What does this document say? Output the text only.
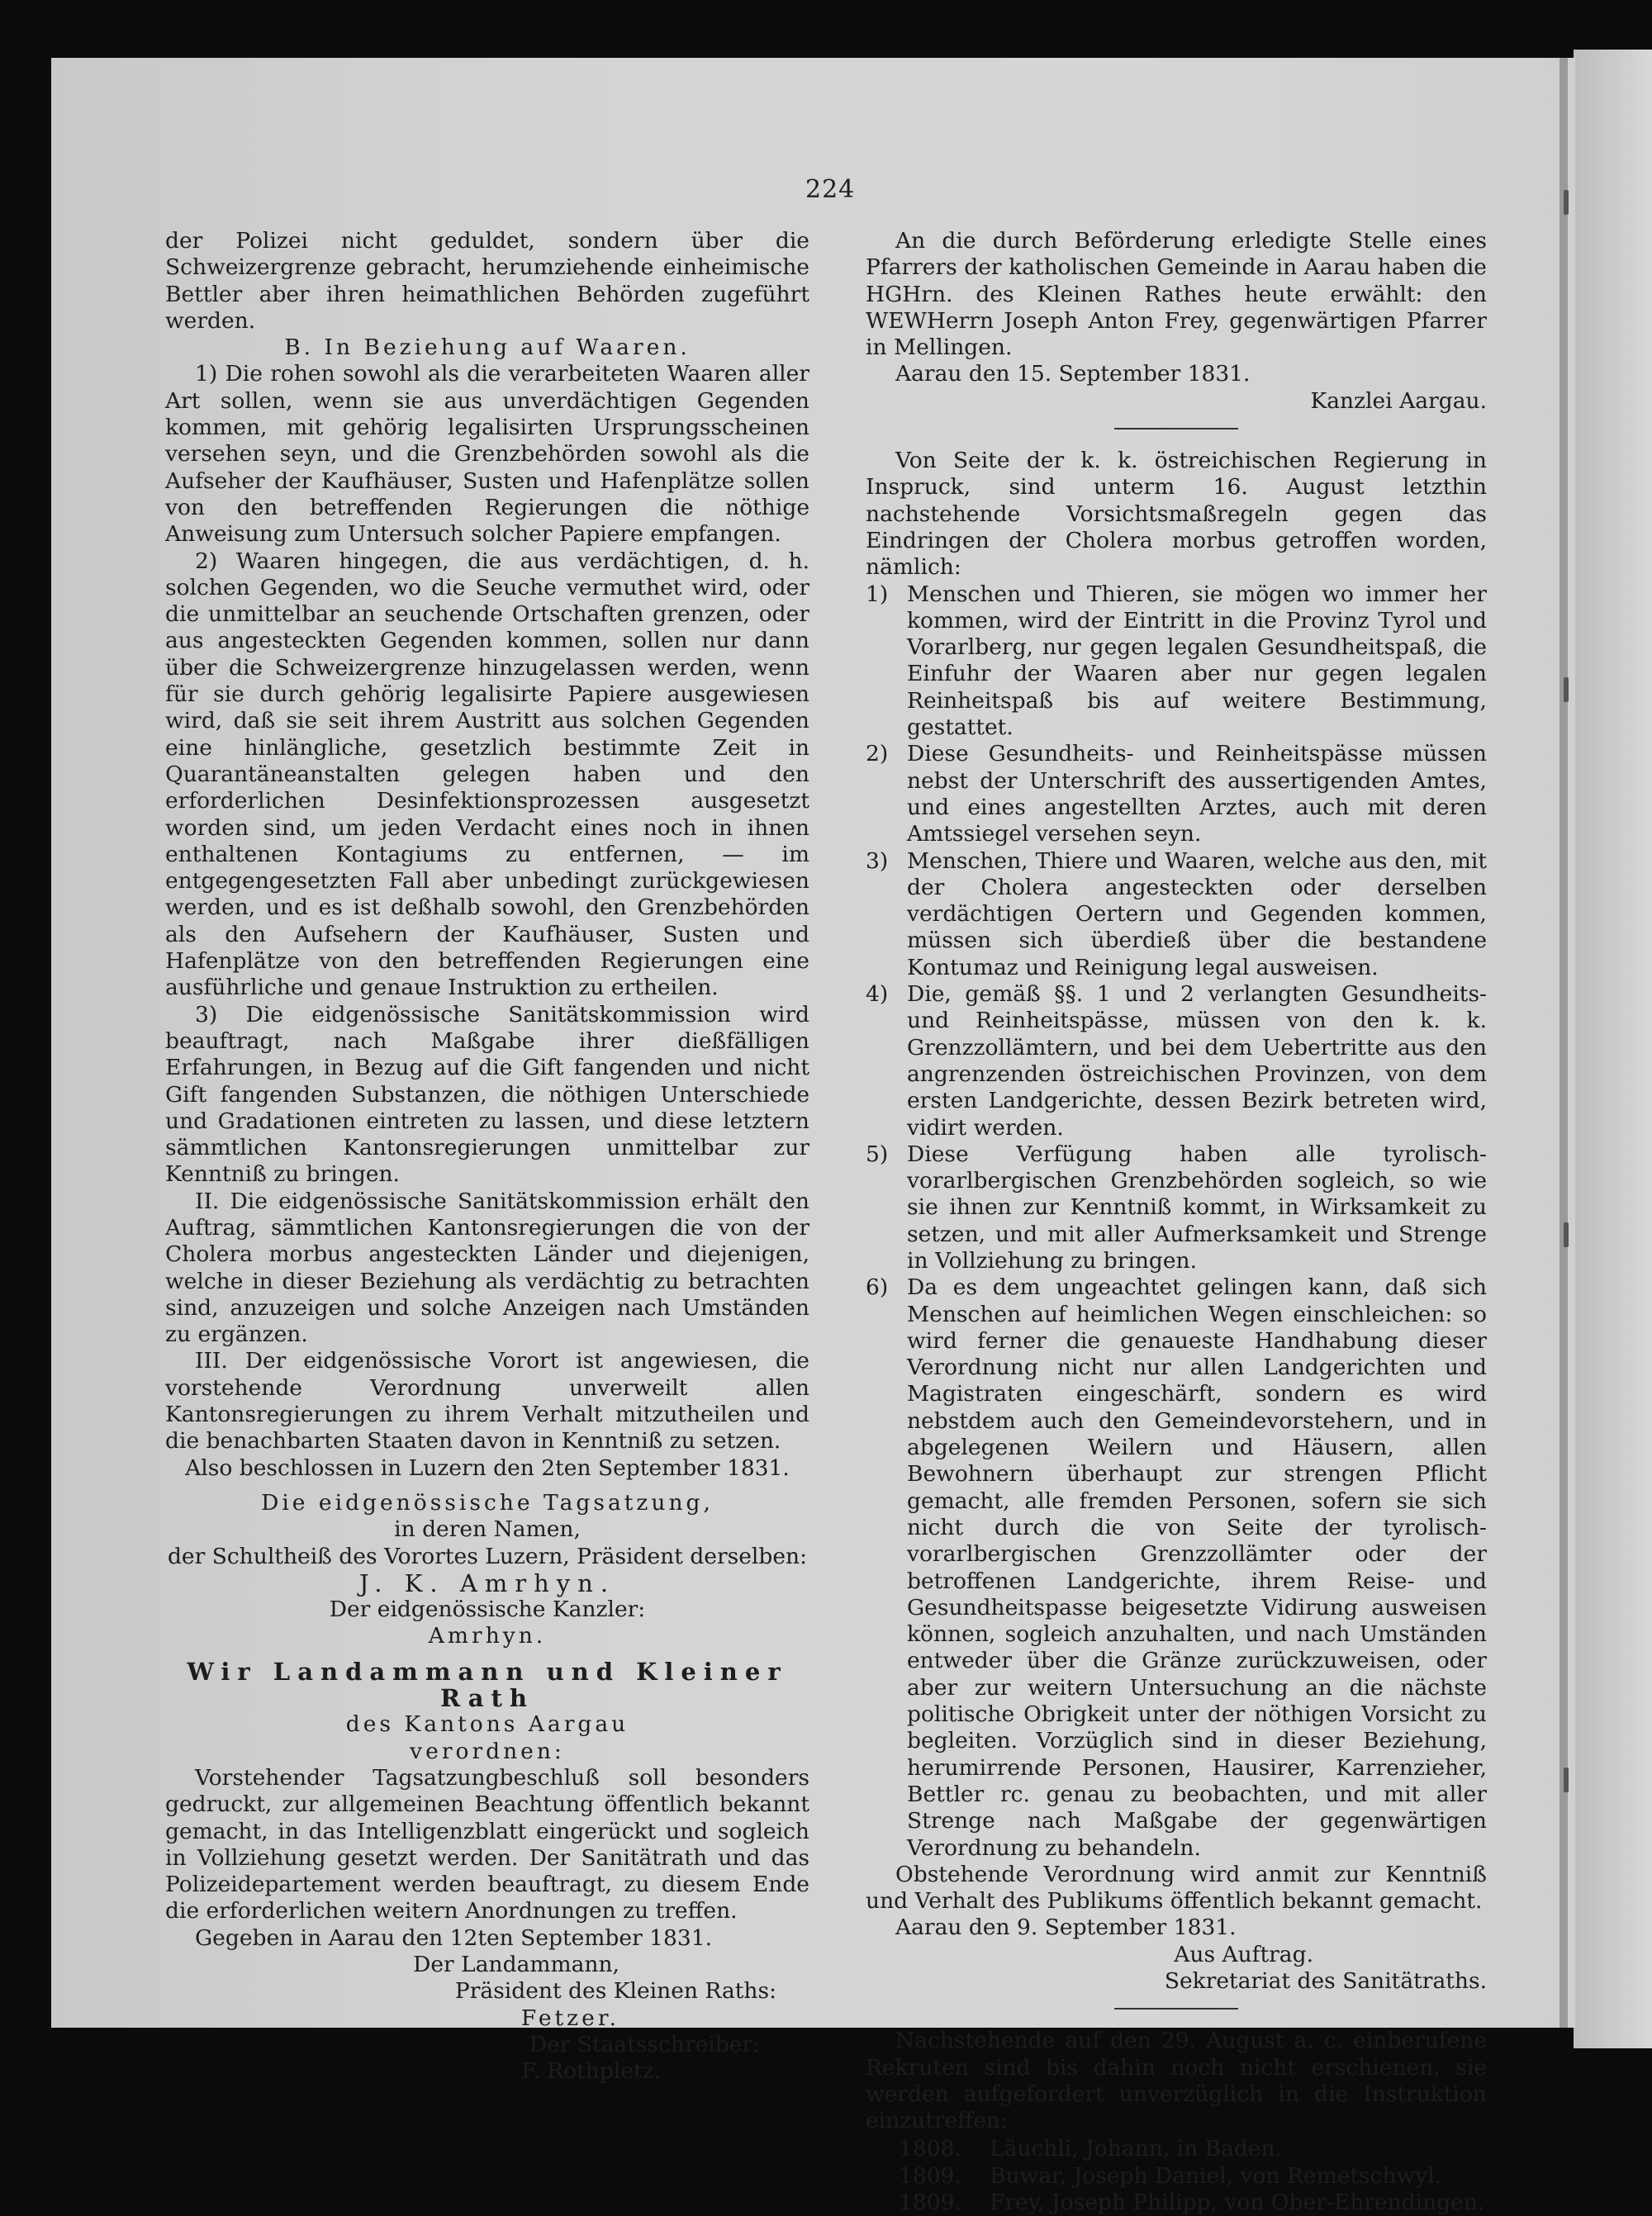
224

der Polizei nicht geduldet, sondern über die Schweizergrenze gebracht, herumziehende einheimische Bettler aber ihren heimathlichen Behörden zugeführt werden.

B. In Beziehung auf Waaren.

1) Die rohen sowohl als die verarbeiteten Waaren aller Art sollen, wenn sie aus unverdächtigen Gegenden kommen, mit gehörig legalisirten Ursprungsscheinen versehen seyn, und die Grenzbehörden sowohl als die Aufseher der Kaufhäuser, Susten und Hafenplätze sollen von den betreffenden Regierungen die nöthige Anweisung zum Untersuch solcher Papiere empfangen.

2) Waaren hingegen, die aus verdächtigen, d. h. solchen Gegenden, wo die Seuche vermuthet wird, oder die unmittelbar an seuchende Ortschaften grenzen, oder aus angesteckten Gegenden kommen, sollen nur dann über die Schweizergrenze hinzugelassen werden, wenn für sie durch gehörig legalisirte Papiere ausgewiesen wird, daß sie seit ihrem Austritt aus solchen Gegenden eine hinlängliche, gesetzlich bestimmte Zeit in Quarantäneanstalten gelegen haben und den erforderlichen Desinfektionsprozessen ausgesetzt worden sind, um jeden Verdacht eines noch in ihnen enthaltenen Kontagiums zu entfernen, — im entgegengesetzten Fall aber unbedingt zurückgewiesen werden, und es ist deßhalb sowohl, den Grenzbehörden als den Aufsehern der Kaufhäuser, Susten und Hafenplätze von den betreffenden Regierungen eine ausführliche und genaue Instruktion zu ertheilen.

3) Die eidgenössische Sanitätskommission wird beauftragt, nach Maßgabe ihrer dießfälligen Erfahrungen, in Bezug auf die Gift fangenden und nicht Gift fangenden Substanzen, die nöthigen Unterschiede und Gradationen eintreten zu lassen, und diese letztern sämmtlichen Kantonsregierungen unmittelbar zur Kenntniß zu bringen.

II. Die eidgenössische Sanitätskommission erhält den Auftrag, sämmtlichen Kantonsregierungen die von der Cholera morbus angesteckten Länder und diejenigen, welche in dieser Beziehung als verdächtig zu betrachten sind, anzuzeigen und solche Anzeigen nach Umständen zu ergänzen.

III. Der eidgenössische Vorort ist angewiesen, die vorstehende Verordnung unverweilt allen Kantonsregierungen zu ihrem Verhalt mitzutheilen und die benachbarten Staaten davon in Kenntniß zu setzen.

Also beschlossen in Luzern den 2ten September 1831.

Die eidgenössische Tagsatzung,

in deren Namen,

der Schultheiß des Vorortes Luzern, Präsident derselben:

J. K. Amrhyn.

Der eidgenössische Kanzler:

Amrhyn.

Wir Landammann und Kleiner Rath

des Kantons Aargau

verordnen:

Vorstehender Tagsatzungbeschluß soll besonders gedruckt, zur allgemeinen Beachtung öffentlich bekannt gemacht, in das Intelligenzblatt eingerückt und sogleich in Vollziehung gesetzt werden. Der Sanitätrath und das Polizeidepartement werden beauftragt, zu diesem Ende die erforderlichen weitern Anordnungen zu treffen.

Gegeben in Aarau den 12ten September 1831.

Der Landammann,

Präsident des Kleinen Raths:

Fetzer.

Der Staatsschreiber:

F. Rothpletz.

An die durch Beförderung erledigte Stelle eines Pfarrers der katholischen Gemeinde in Aarau haben die HGHrn. des Kleinen Rathes heute erwählt: den WEWHerrn Joseph Anton Frey, gegenwärtigen Pfarrer in Mellingen.

Aarau den 15. September 1831.

Kanzlei Aargau.

Von Seite der k. k. östreichischen Regierung in Inspruck, sind unterm 16. August letzthin nachstehende Vorsichtsmaßregeln gegen das Eindringen der Cholera morbus getroffen worden, nämlich:

1) Menschen und Thieren, sie mögen wo immer her kommen, wird der Eintritt in die Provinz Tyrol und Vorarlberg, nur gegen legalen Gesundheitspaß, die Einfuhr der Waaren aber nur gegen legalen Reinheitspaß bis auf weitere Bestimmung, gestattet.
2) Diese Gesundheits- und Reinheitspässe müssen nebst der Unterschrift des aussertigenden Amtes, und eines angestellten Arztes, auch mit deren Amtssiegel versehen seyn.
3) Menschen, Thiere und Waaren, welche aus den, mit der Cholera angesteckten oder derselben verdächtigen Oertern und Gegenden kommen, müssen sich überdieß über die bestandene Kontumaz und Reinigung legal ausweisen.
4) Die, gemäß §§. 1 und 2 verlangten Gesundheits- und Reinheitspässe, müssen von den k. k. Grenzzollämtern, und bei dem Uebertritte aus den angrenzenden östreichischen Provinzen, von dem ersten Landgerichte, dessen Bezirk betreten wird, vidirt werden.
5) Diese Verfügung haben alle tyrolisch-vorarlbergischen Grenzbehörden sogleich, so wie sie ihnen zur Kenntniß kommt, in Wirksamkeit zu setzen, und mit aller Aufmerksamkeit und Strenge in Vollziehung zu bringen.
6) Da es dem ungeachtet gelingen kann, daß sich Menschen auf heimlichen Wegen einschleichen: so wird ferner die genaueste Handhabung dieser Verordnung nicht nur allen Landgerichten und Magistraten eingeschärft, sondern es wird nebstdem auch den Gemeindevorstehern, und in abgelegenen Weilern und Häusern, allen Bewohnern überhaupt zur strengen Pflicht gemacht, alle fremden Personen, sofern sie sich nicht durch die von Seite der tyrolisch-vorarlbergischen Grenzzollämter oder der betroffenen Landgerichte, ihrem Reise- und Gesundheitspasse beigesetzte Vidirung ausweisen können, sogleich anzuhalten, und nach Umständen entweder über die Gränze zurückzuweisen, oder aber zur weitern Untersuchung an die nächste politische Obrigkeit unter der nöthigen Vorsicht zu begleiten. Vorzüglich sind in dieser Beziehung, herumirrende Personen, Hausirer, Karrenzieher, Bettler rc. genau zu beobachten, und mit aller Strenge nach Maßgabe der gegenwärtigen Verordnung zu behandeln.

Obstehende Verordnung wird anmit zur Kenntniß und Verhalt des Publikums öffentlich bekannt gemacht.

Aarau den 9. September 1831.

Aus Auftrag.

Sekretariat des Sanitätraths.

Nachstehende auf den 29. August a. c. einberufene Rekruten sind bis dahin noch nicht erschienen, sie werden aufgefordert unverzüglich in die Instruktion einzutreffen:

1808.	Läuchli, Johann, in Baden.
1809.	Buwar, Joseph Daniel, von Remetschwyl.
1809.	Frey, Joseph Philipp, von Ober-Ehrendingen.
